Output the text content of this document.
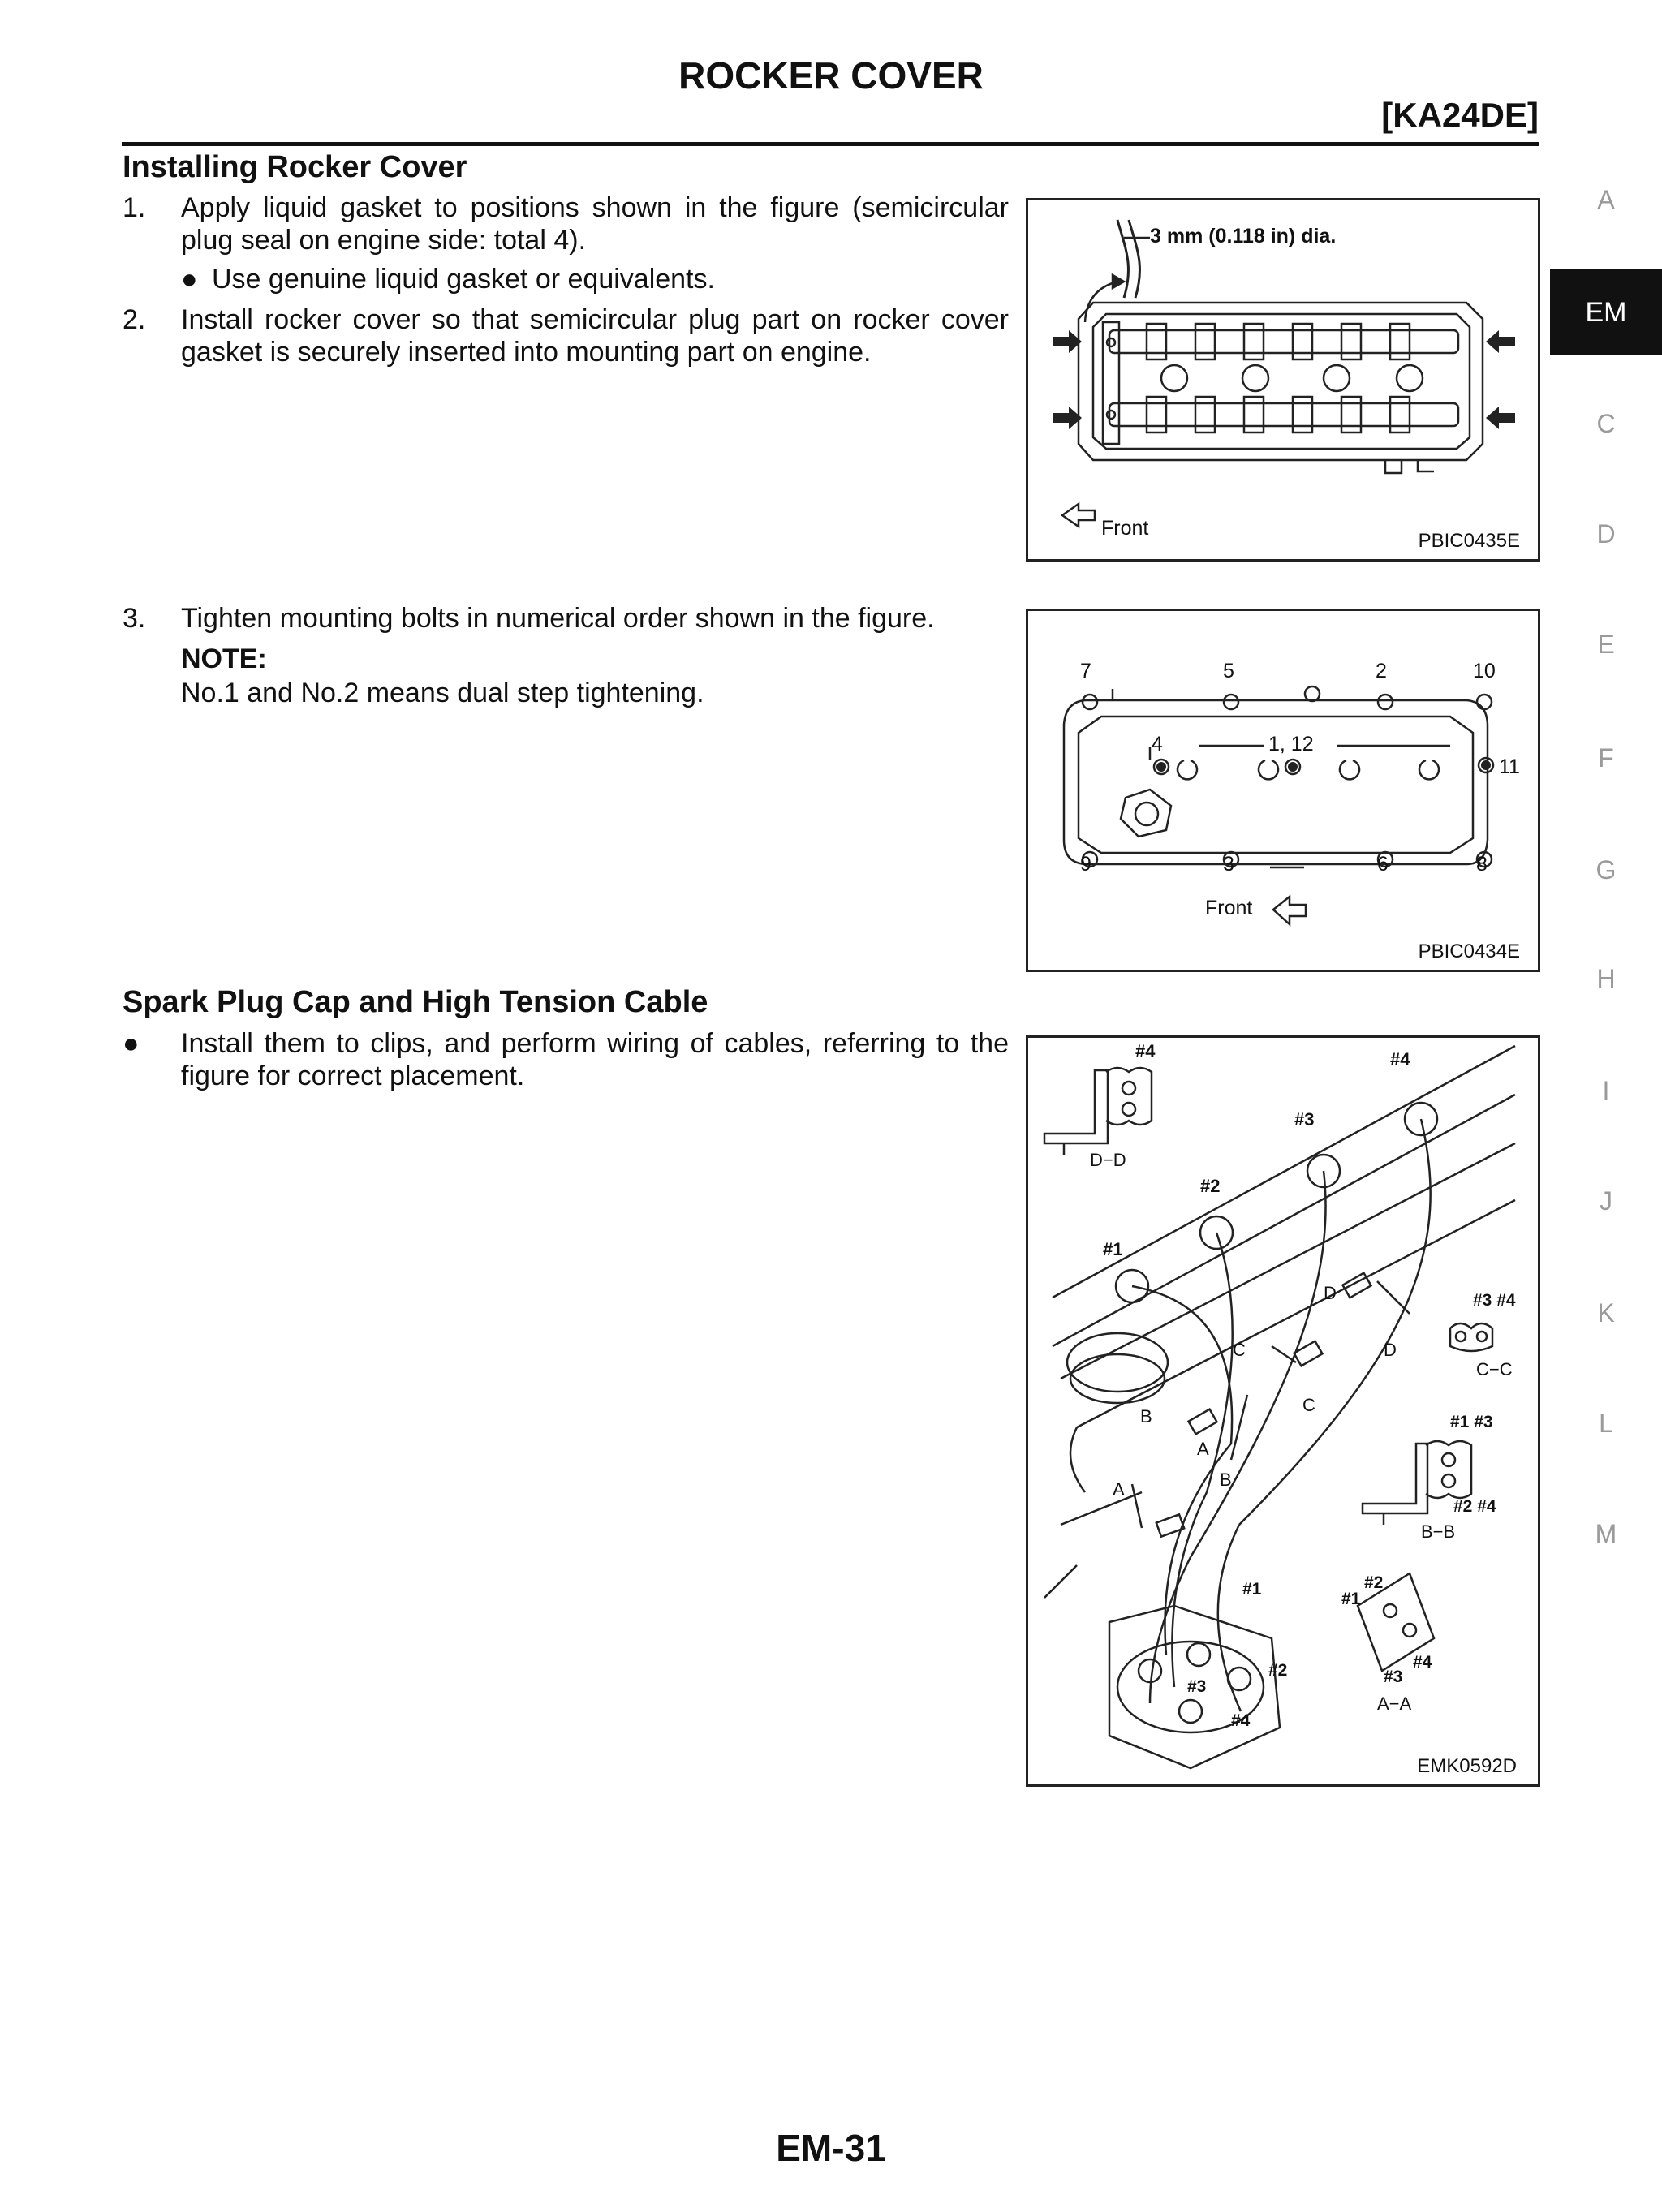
ROCKER COVER
[KA24DE]
Installing Rocker Cover
1.	Apply liquid gasket to positions shown in the figure (semicircular plug seal on engine side: total 4).
● Use genuine liquid gasket or equivalents.
2.	Install rocker cover so that semicircular plug part on rocker cover gasket is securely inserted into mounting part on engine.
3.	Tighten mounting bolts in numerical order shown in the figure.
NOTE:
No.1 and No.2 means dual step tightening.
3 mm (0.118 in) dia.
Front
PBIC0435E
7	5	2	10
4	1, 12
11
9	3	6	8
Front
PBIC0434E
Spark Plug Cap and High Tension Cable
●	Install them to clips, and perform wiring of cables, referring to the figure for correct placement.
#4
D−D
#4
#3
#2
#1
D
D
C
C
B
B
A
A
#3 #4
C−C
#1 #3
#2 #4
B−B
#2
#1
#3
#4
A−A
#1
#2
#3
#4
EMK0592D
A
EM
C
D
E
F
G
H
I
J
K
L
M
EM-31
